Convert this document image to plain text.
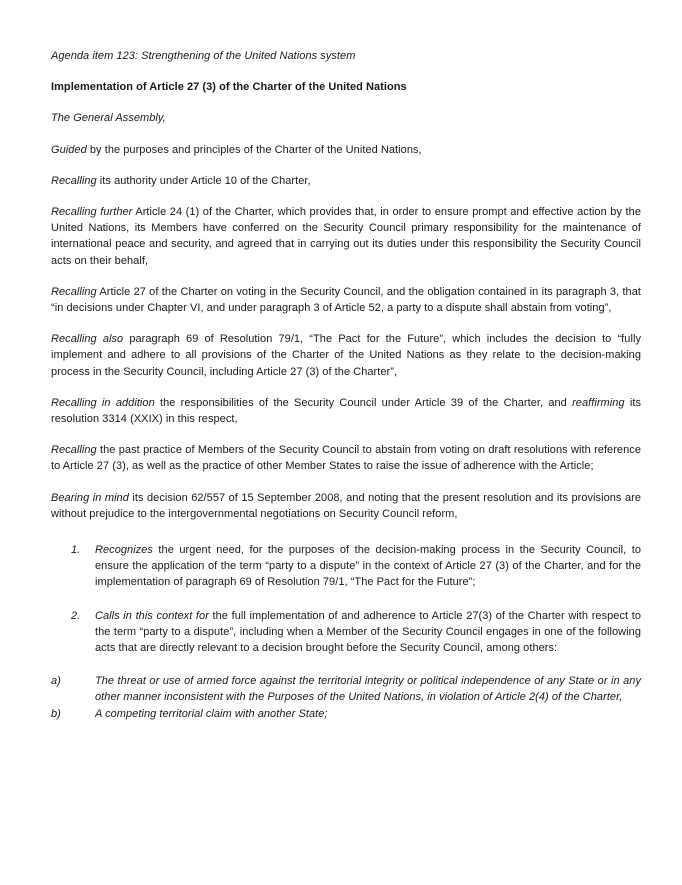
Agenda item 123: Strengthening of the United Nations system

Implementation of Article 27 (3) of the Charter of the United Nations

The General Assembly,

Guided by the purposes and principles of the Charter of the United Nations,

Recalling its authority under Article 10 of the Charter,

Recalling further Article 24 (1) of the Charter, which provides that, in order to ensure prompt and effective action by the United Nations, its Members have conferred on the Security Council primary responsibility for the maintenance of international peace and security, and agreed that in carrying out its duties under this responsibility the Security Council acts on their behalf,

Recalling Article 27 of the Charter on voting in the Security Council, and the obligation contained in its paragraph 3, that “in decisions under Chapter VI, and under paragraph 3 of Article 52, a party to a dispute shall abstain from voting”,

Recalling also paragraph 69 of Resolution 79/1, “The Pact for the Future”, which includes the decision to “fully implement and adhere to all provisions of the Charter of the United Nations as they relate to the decision-making process in the Security Council, including Article 27 (3) of the Charter”,

Recalling in addition the responsibilities of the Security Council under Article 39 of the Charter, and reaffirming its resolution 3314 (XXIX) in this respect,

Recalling the past practice of Members of the Security Council to abstain from voting on draft resolutions with reference to Article 27 (3), as well as the practice of other Member States to raise the issue of adherence with the Article;

Bearing in mind its decision 62/557 of 15 September 2008, and noting that the present resolution and its provisions are without prejudice to the intergovernmental negotiations on Security Council reform,

1.	Recognizes the urgent need, for the purposes of the decision-making process in the Security Council, to ensure the application of the term “party to a dispute” in the context of Article 27 (3) of the Charter, and for the implementation of paragraph 69 of Resolution 79/1, “The Pact for the Future”;

2.	Calls in this context for the full implementation of and adherence to Article 27(3) of the Charter with respect to the term “party to a dispute”, including when a Member of the Security Council engages in one of the following acts that are directly relevant to a decision brought before the Security Council, among others:

a)	The threat or use of armed force against the territorial integrity or political independence of any State or in any other manner inconsistent with the Purposes of the United Nations, in violation of Article 2(4) of the Charter,

b)	A competing territorial claim with another State;
